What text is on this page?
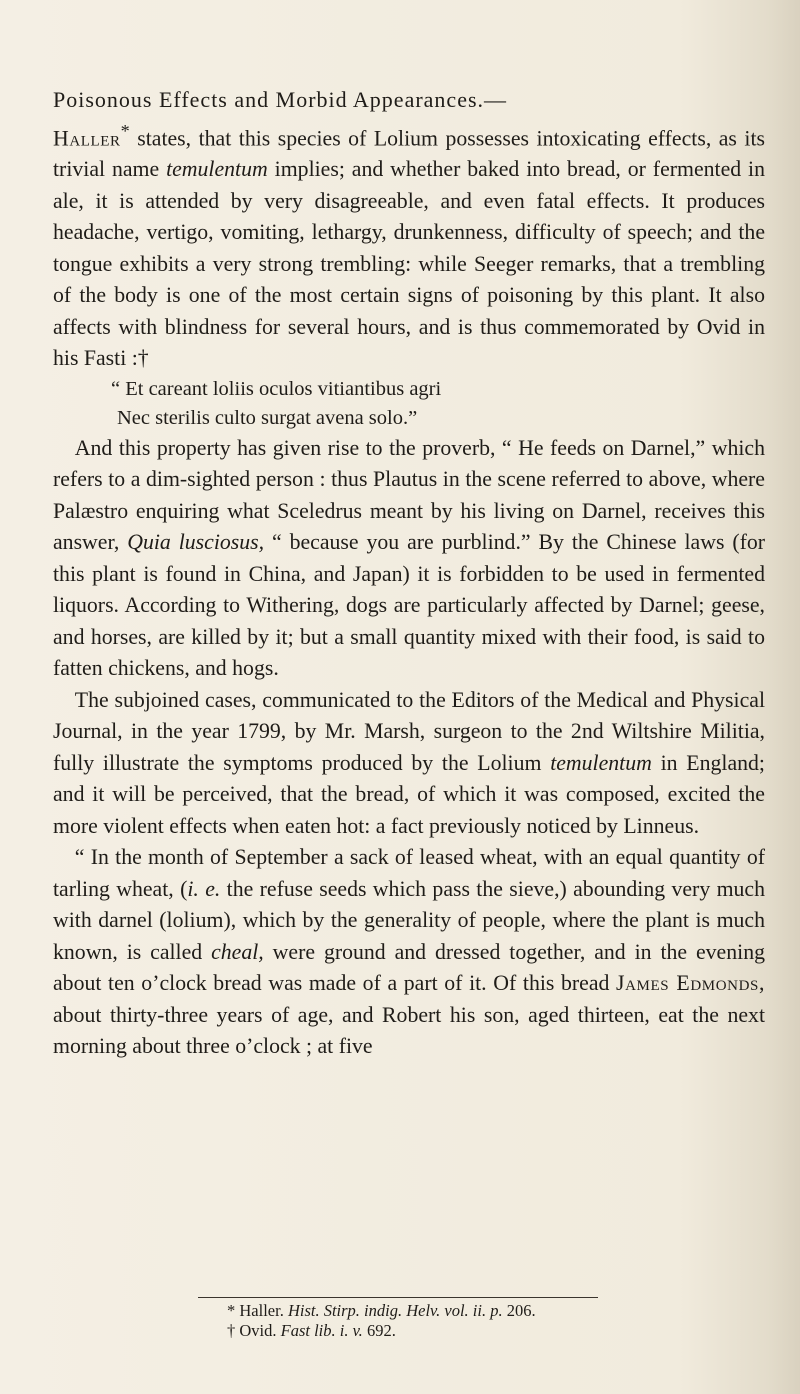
Poisonous Effects and Morbid Appearances.—

Haller* states, that this species of Lolium possesses intoxicating effects, as its trivial name temulentum implies; and whether baked into bread, or fermented in ale, it is attended by very disagreeable, and even fatal effects. It produces headache, vertigo, vomiting, lethargy, drunkenness, difficulty of speech; and the tongue exhibits a very strong trembling: while Seeger remarks, that a trembling of the body is one of the most certain signs of poisoning by this plant. It also affects with blindness for several hours, and is thus commemorated by Ovid in his Fasti :†

“ Et careant loliis oculos vitiantibus agri
Nec sterilis culto surgat avena solo.”

 And this property has given rise to the proverb, “ He feeds on Darnel,” which refers to a dim-sighted person : thus Plautus in the scene referred to above, where Palæstro enquiring what Sceledrus meant by his living on Darnel, receives this answer, Quia lusciosus, “ because you are purblind.” By the Chinese laws (for this plant is found in China, and Japan) it is forbidden to be used in fermented liquors. According to Withering, dogs are particularly affected by Darnel; geese, and horses, are killed by it; but a small quantity mixed with their food, is said to fatten chickens, and hogs.

 The subjoined cases, communicated to the Editors of the Medical and Physical Journal, in the year 1799, by Mr. Marsh, surgeon to the 2nd Wiltshire Militia, fully illustrate the symptoms produced by the Lolium temulentum in England; and it will be perceived, that the bread, of which it was composed, excited the more violent effects when eaten hot: a fact previously noticed by Linneus.

 “ In the month of September a sack of leased wheat, with an equal quantity of tarling wheat, (i. e. the refuse seeds which pass the sieve,) abounding very much with darnel (lolium), which by the generality of people, where the plant is much known, is called cheal, were ground and dressed together, and in the evening about ten o’clock bread was made of a part of it. Of this bread James Edmonds, about thirty-three years of age, and Robert his son, aged thirteen, eat the next morning about three o’clock ; at five

* Haller. Hist. Stirp. indig. Helv. vol. ii. p. 206.
† Ovid. Fast lib. i. v. 692.
